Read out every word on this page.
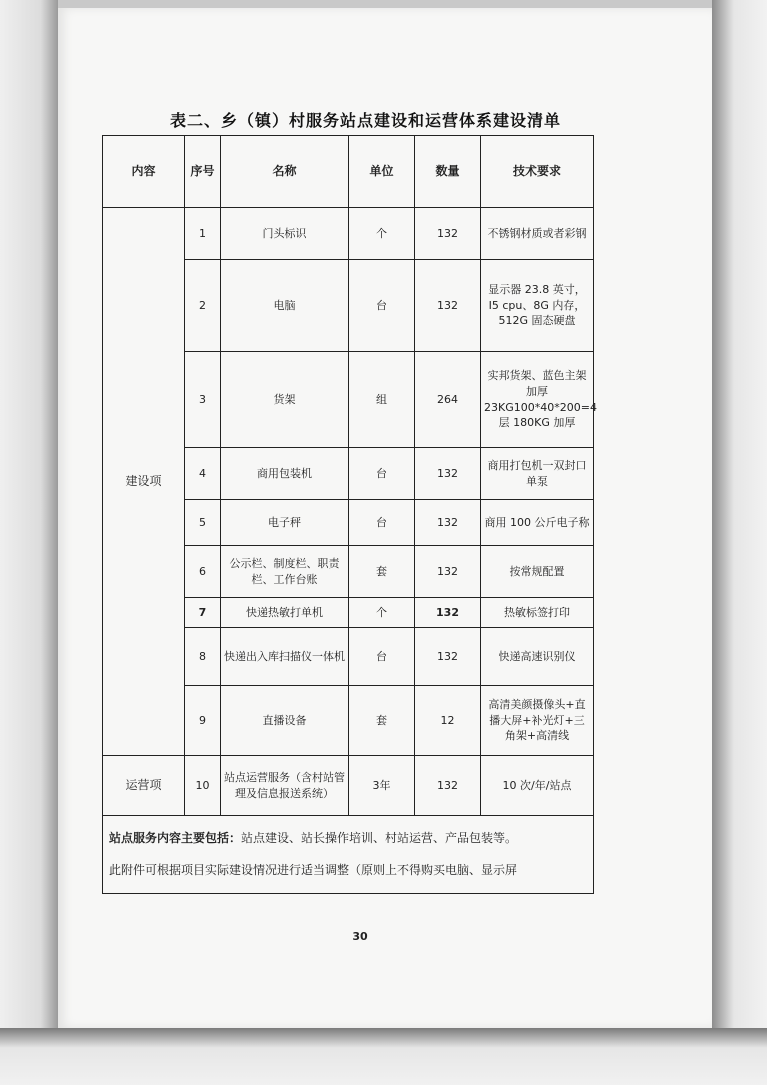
表二、乡（镇）村服务站点建设和运营体系建设清单
内容	序号	名称	单位	数量	技术要求
建设项	1	门头标识	个	132	不锈钢材质或者彩钢
	2	电脑	台	132	显示器 23.8 英寸，I5 cpu、8G 内存，512G 固态硬盘
	3	货架	组	264	实邦货架、蓝色主架加厚 23KG100*40*200=4 层 180KG 加厚
	4	商用包装机	台	132	商用打包机一双封口单泵
	5	电子秤	台	132	商用 100 公斤电子称
	6	公示栏、制度栏、职责栏、工作台账	套	132	按常规配置
	7	快递热敏打单机	个	132	热敏标签打印
	8	快递出入库扫描仪一体机	台	132	快递高速识别仪
	9	直播设备	套	12	高清美颜摄像头+直播大屏+补光灯+三角架+高清线
运营项	10	站点运营服务（含村站管理及信息报送系统）	3年	132	10 次/年/站点

站点服务内容主要包括：站点建设、站长操作培训、村站运营、产品包装等。
此附件可根据项目实际建设情况进行适当调整（原则上不得购买电脑、显示屏					
30
